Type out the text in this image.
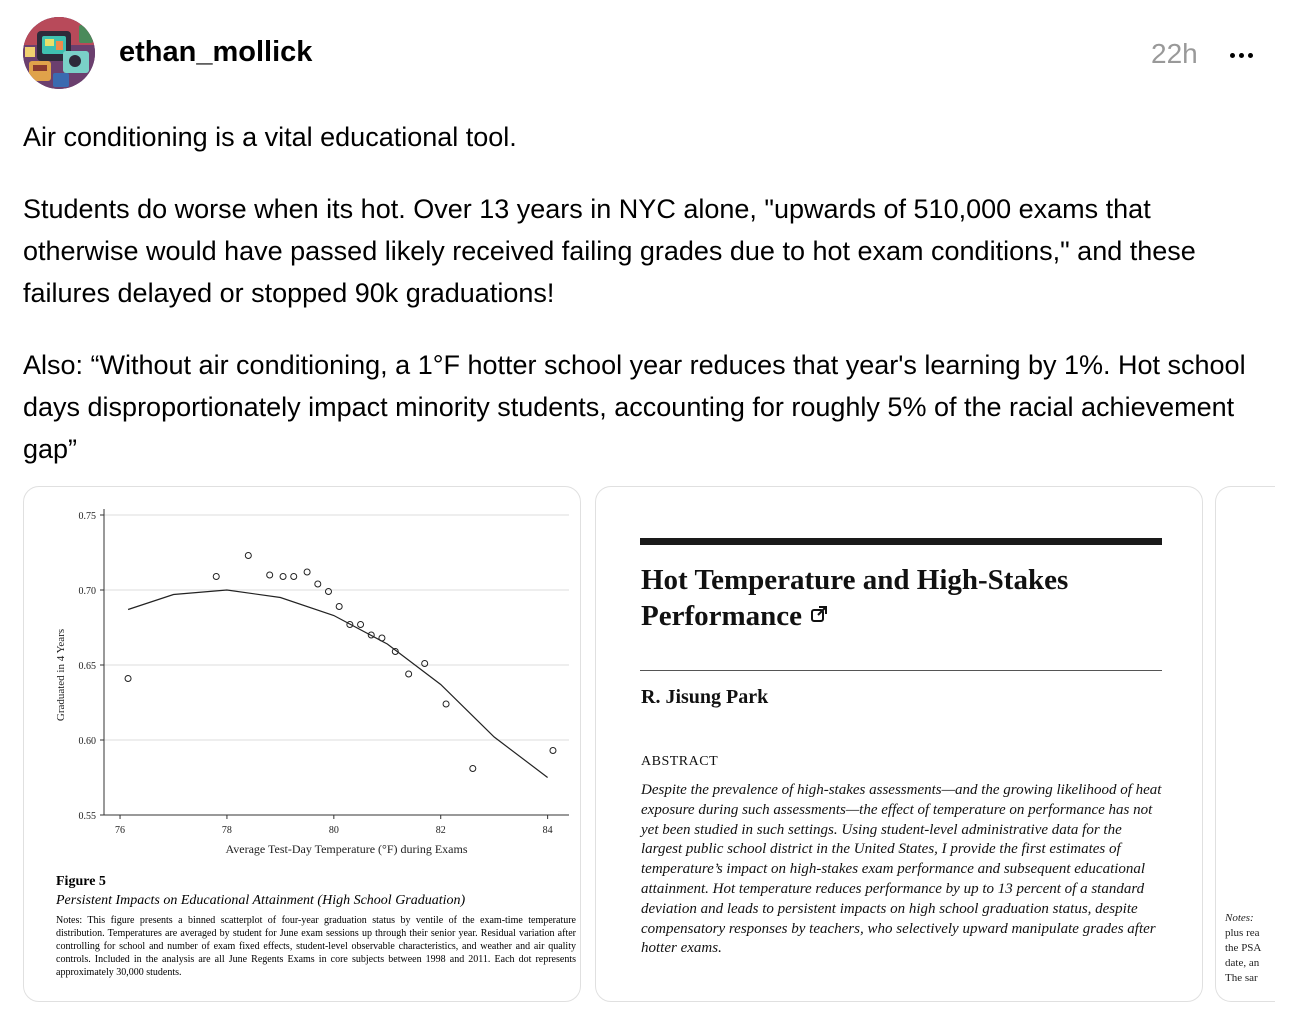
ethan_mollick	22h
Air conditioning is a vital educational tool.
Students do worse when its hot. Over 13 years in NYC alone, "upwards of 510,000 exams that otherwise would have passed likely received failing grades due to hot exam conditions," and these failures delayed or stopped 90k graduations!
Also: “Without air conditioning, a 1°F hotter school year reduces that year's learning by 1%. Hot school days disproportionately impact minority students, accounting for roughly 5% of the racial achievement gap”
0.55
0.60
0.65
0.70
0.75
76	78	80	82	84
Average Test-Day Temperature (°F) during Exams
Graduated in 4 Years
Figure 5
Persistent Impacts on Educational Attainment (High School Graduation)
Notes: This figure presents a binned scatterplot of four-year graduation status by ventile of the exam-time temperature distribution. Temperatures are averaged by student for June exam sessions up through their senior year. Residual variation after controlling for school and number of exam fixed effects, student-level observable characteristics, and weather and air quality controls. Included in the analysis are all June Regents Exams in core subjects between 1998 and 2011. Each dot represents approximately 30,000 students.
Hot Temperature and High-Stakes
Performance
R. Jisung Park
ABSTRACT
Despite the prevalence of high-stakes assessments—and the growing likelihood of heat exposure during such assessments—the effect of temperature on performance has not yet been studied in such settings. Using student-level administrative data for the largest public school district in the United States, I provide the first estimates of temperature’s impact on high-stakes exam performance and subsequent educational attainment. Hot temperature reduces performance by up to 13 percent of a standard deviation and leads to persistent impacts on high school graduation status, despite compensatory responses by teachers, who selectively upward manipulate grades after hotter exams.
Notes:
plus rea
the PSA
date, an
The sar
